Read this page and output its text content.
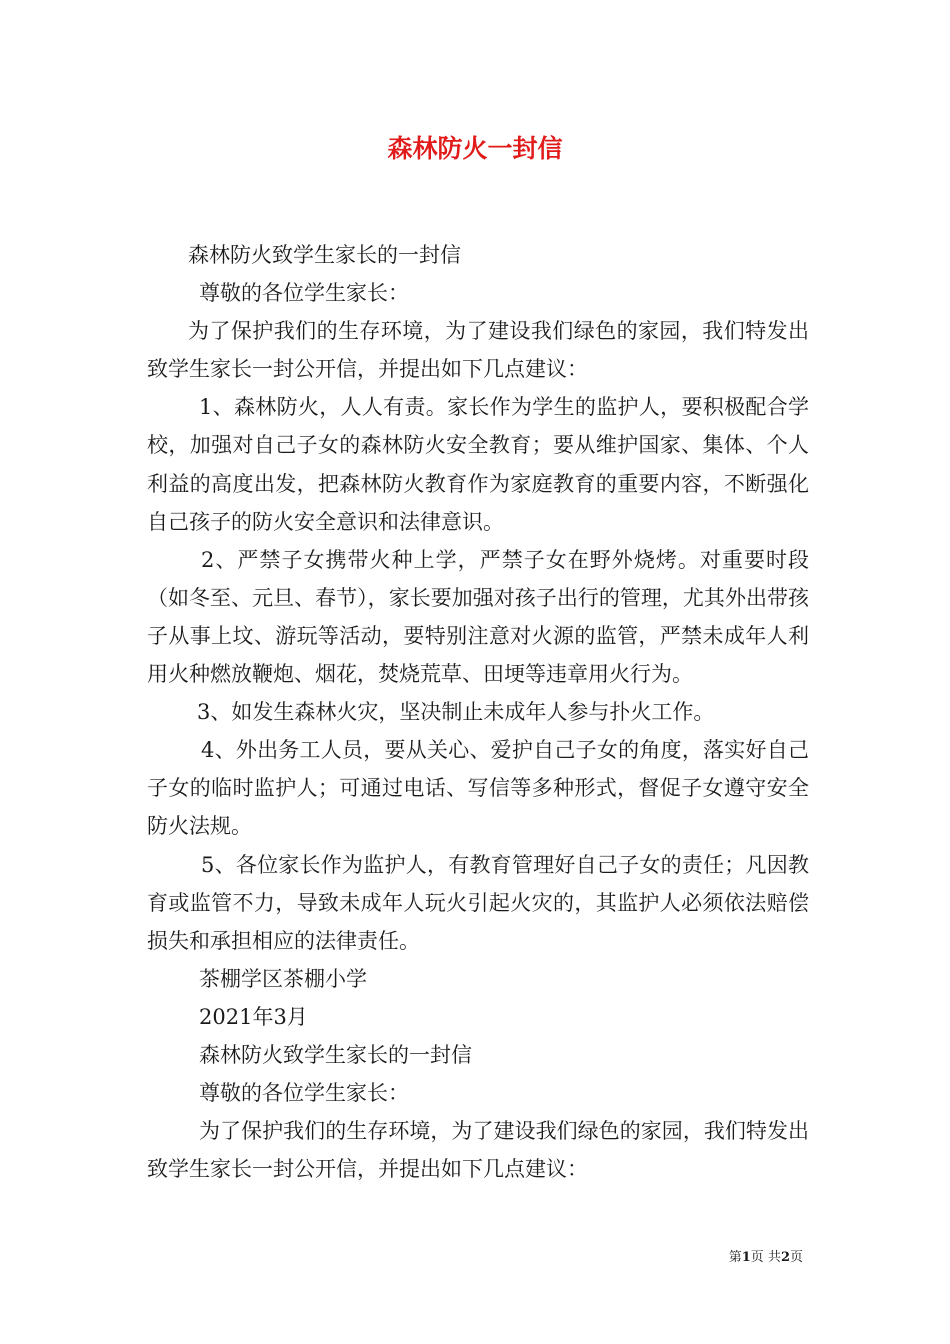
森林防火一封信

森林防火致学生家长的一封信

尊敬的各位学生家长：

为了保护我们的生存环境，为了建设我们绿色的家园，我们特发出致学生家长一封公开信，并提出如下几点建议：

1、森林防火，人人有责。家长作为学生的监护人，要积极配合学校，加强对自己子女的森林防火安全教育；要从维护国家、集体、个人利益的高度出发，把森林防火教育作为家庭教育的重要内容，不断强化自己孩子的防火安全意识和法律意识。

2、严禁子女携带火种上学，严禁子女在野外烧烤。对重要时段（如冬至、元旦、春节），家长要加强对孩子出行的管理，尤其外出带孩子从事上坟、游玩等活动，要特别注意对火源的监管，严禁未成年人利用火种燃放鞭炮、烟花，焚烧荒草、田埂等违章用火行为。

3、如发生森林火灾，坚决制止未成年人参与扑火工作。

4、外出务工人员，要从关心、爱护自己子女的角度，落实好自己子女的临时监护人；可通过电话、写信等多种形式，督促子女遵守安全防火法规。

5、各位家长作为监护人，有教育管理好自己子女的责任；凡因教育或监管不力，导致未成年人玩火引起火灾的，其监护人必须依法赔偿损失和承担相应的法律责任。

茶棚学区茶棚小学

2021年3月

森林防火致学生家长的一封信

尊敬的各位学生家长：

为了保护我们的生存环境，为了建设我们绿色的家园，我们特发出致学生家长一封公开信，并提出如下几点建议：

第1页 共2页
